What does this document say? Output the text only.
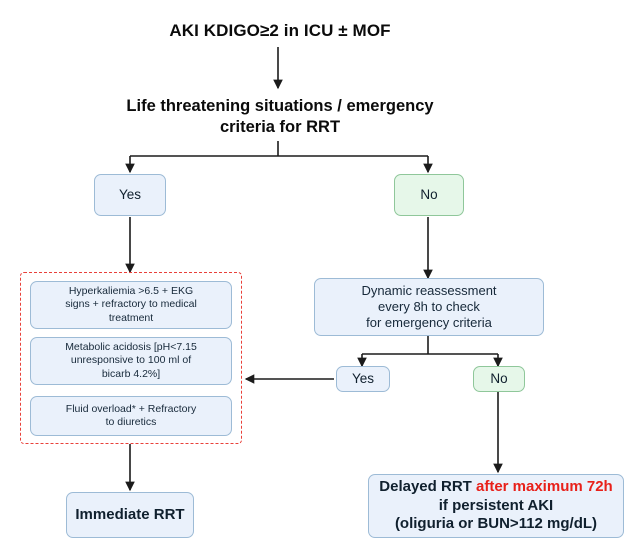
AKI KDIGO≥2 in ICU ± MOF
Life threatening situations / emergency
criteria for RRT
Yes	No
Hyperkaliemia >6.5 + EKG
signs + refractory to medical
treatment
Metabolic acidosis [pH<7.15
unresponsive to 100 ml of
bicarb 4.2%]
Fluid overload* + Refractory
to diuretics
Dynamic reassessment
every 8h to check
for emergency criteria
Yes	No
Immediate RRT
Delayed RRT after maximum 72h
if persistent AKI
(oliguria or BUN>112 mg/dL)
